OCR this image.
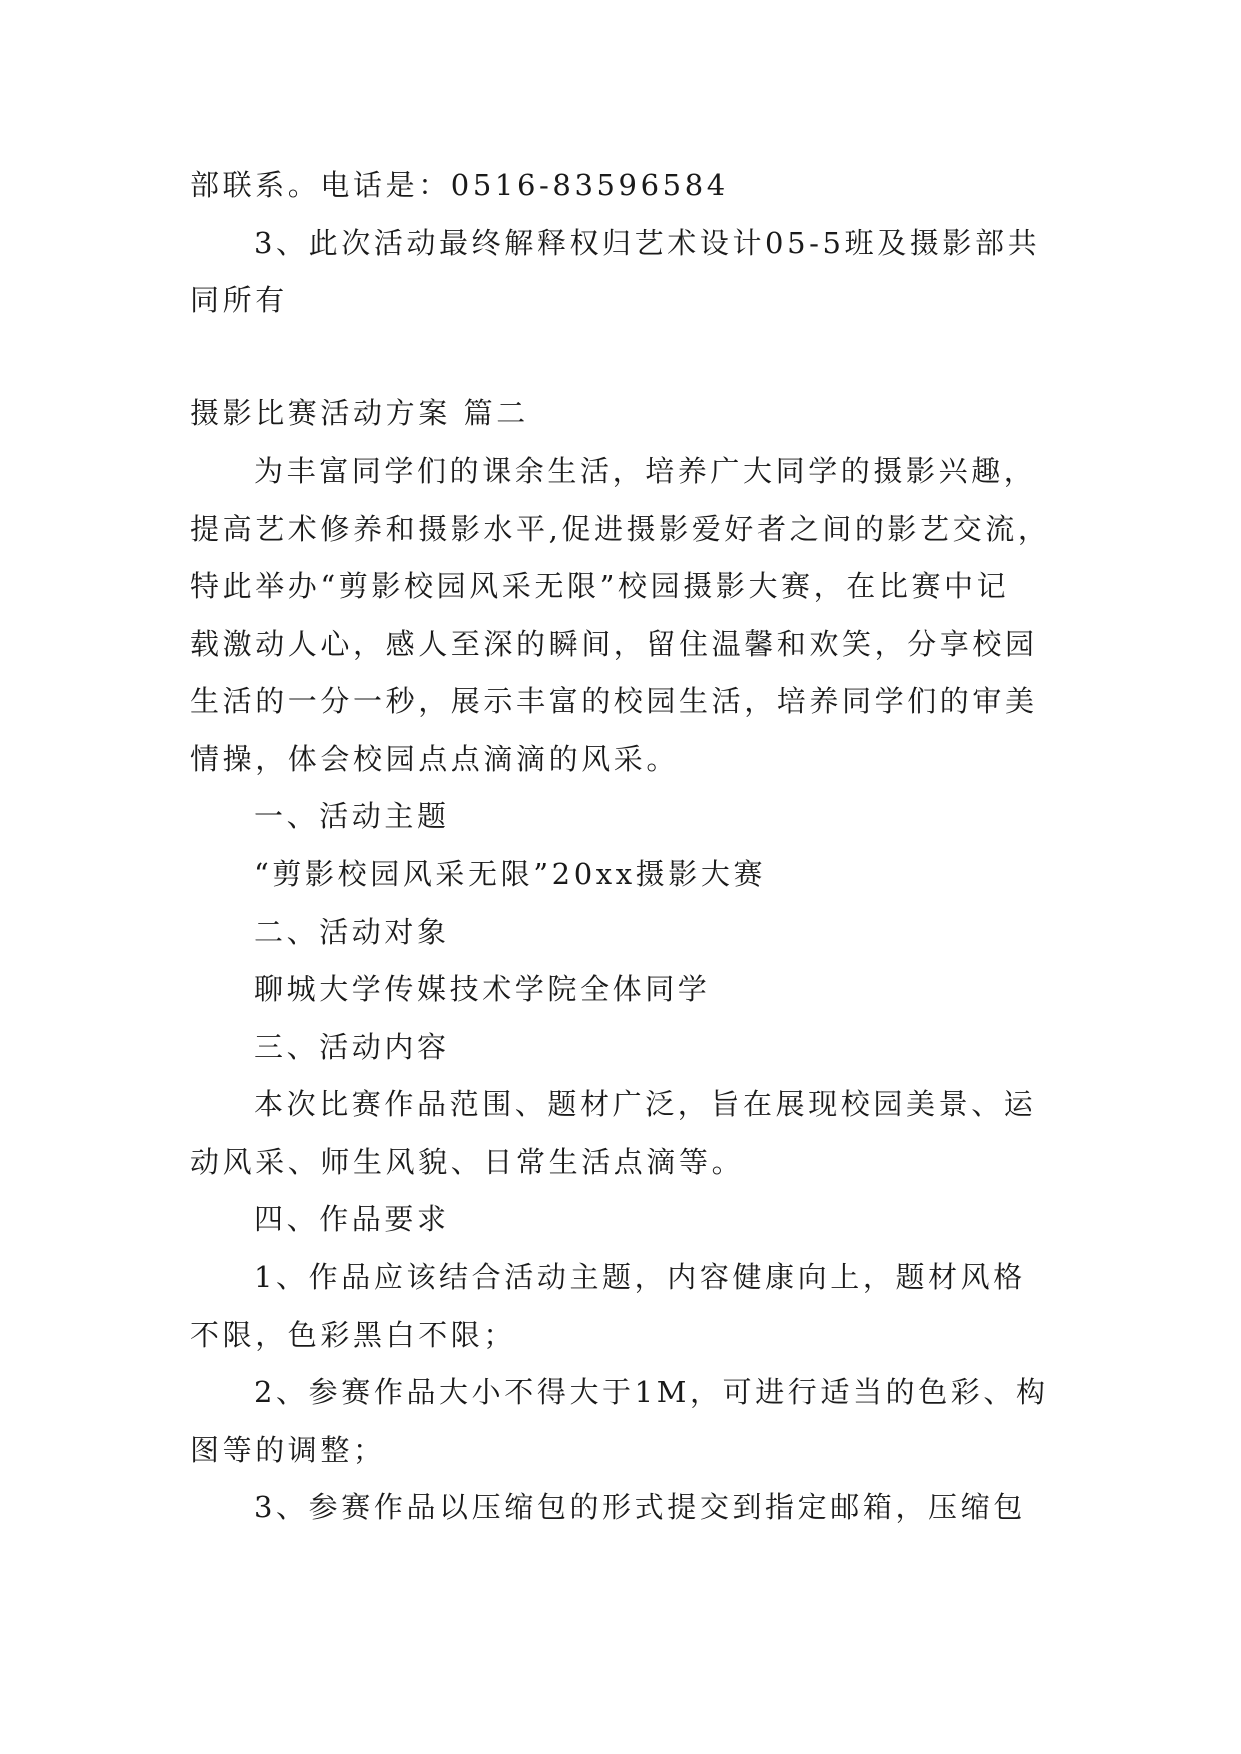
部联系。电话是：0516-83596584
3、此次活动最终解释权归艺术设计05-5班及摄影部共
同所有
摄影比赛活动方案 篇二
为丰富同学们的课余生活，培养广大同学的摄影兴趣，
提高艺术修养和摄影水平,促进摄影爱好者之间的影艺交流，
特此举办“剪影校园风采无限”校园摄影大赛，在比赛中记
载激动人心，感人至深的瞬间，留住温馨和欢笑，分享校园
生活的一分一秒，展示丰富的校园生活，培养同学们的审美
情操，体会校园点点滴滴的风采。
一、活动主题
“剪影校园风采无限”20xx摄影大赛
二、活动对象
聊城大学传媒技术学院全体同学
三、活动内容
本次比赛作品范围、题材广泛，旨在展现校园美景、运
动风采、师生风貌、日常生活点滴等。
四、作品要求
1、作品应该结合活动主题，内容健康向上，题材风格
不限，色彩黑白不限；
2、参赛作品大小不得大于1M，可进行适当的色彩、构
图等的调整；
3、参赛作品以压缩包的形式提交到指定邮箱，压缩包
